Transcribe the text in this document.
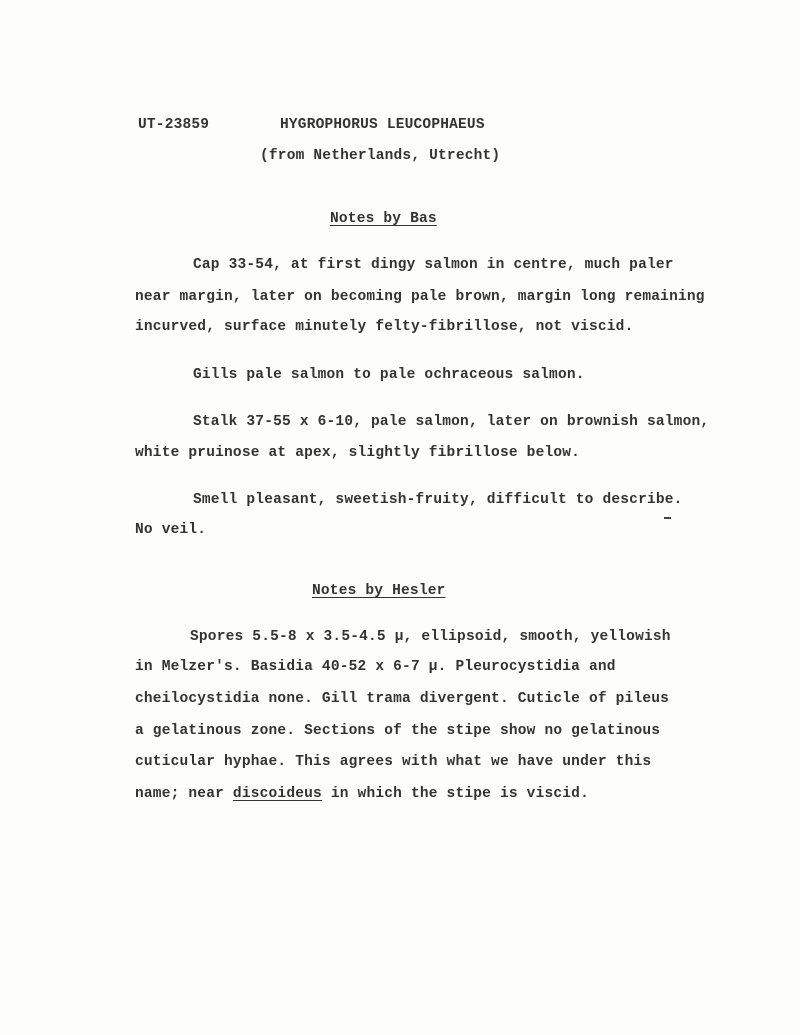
UT-23859	HYGROPHORUS LEUCOPHAEUS
(from Netherlands, Utrecht)
Notes by Bas
Cap 33-54, at first dingy salmon in centre, much paler
near margin, later on becoming pale brown, margin long remaining
incurved, surface minutely felty-fibrillose, not viscid.
Gills pale salmon to pale ochraceous salmon.
Stalk 37-55 x 6-10, pale salmon, later on brownish salmon,
white pruinose at apex, slightly fibrillose below.
Smell pleasant, sweetish-fruity, difficult to describe.
No veil.
Notes by Hesler
Spores 5.5-8 x 3.5-4.5 µ, ellipsoid, smooth, yellowish
in Melzer's. Basidia 40-52 x 6-7 µ. Pleurocystidia and
cheilocystidia none. Gill trama divergent. Cuticle of pileus
a gelatinous zone. Sections of the stipe show no gelatinous
cuticular hyphae. This agrees with what we have under this
name; near discoideus in which the stipe is viscid.
